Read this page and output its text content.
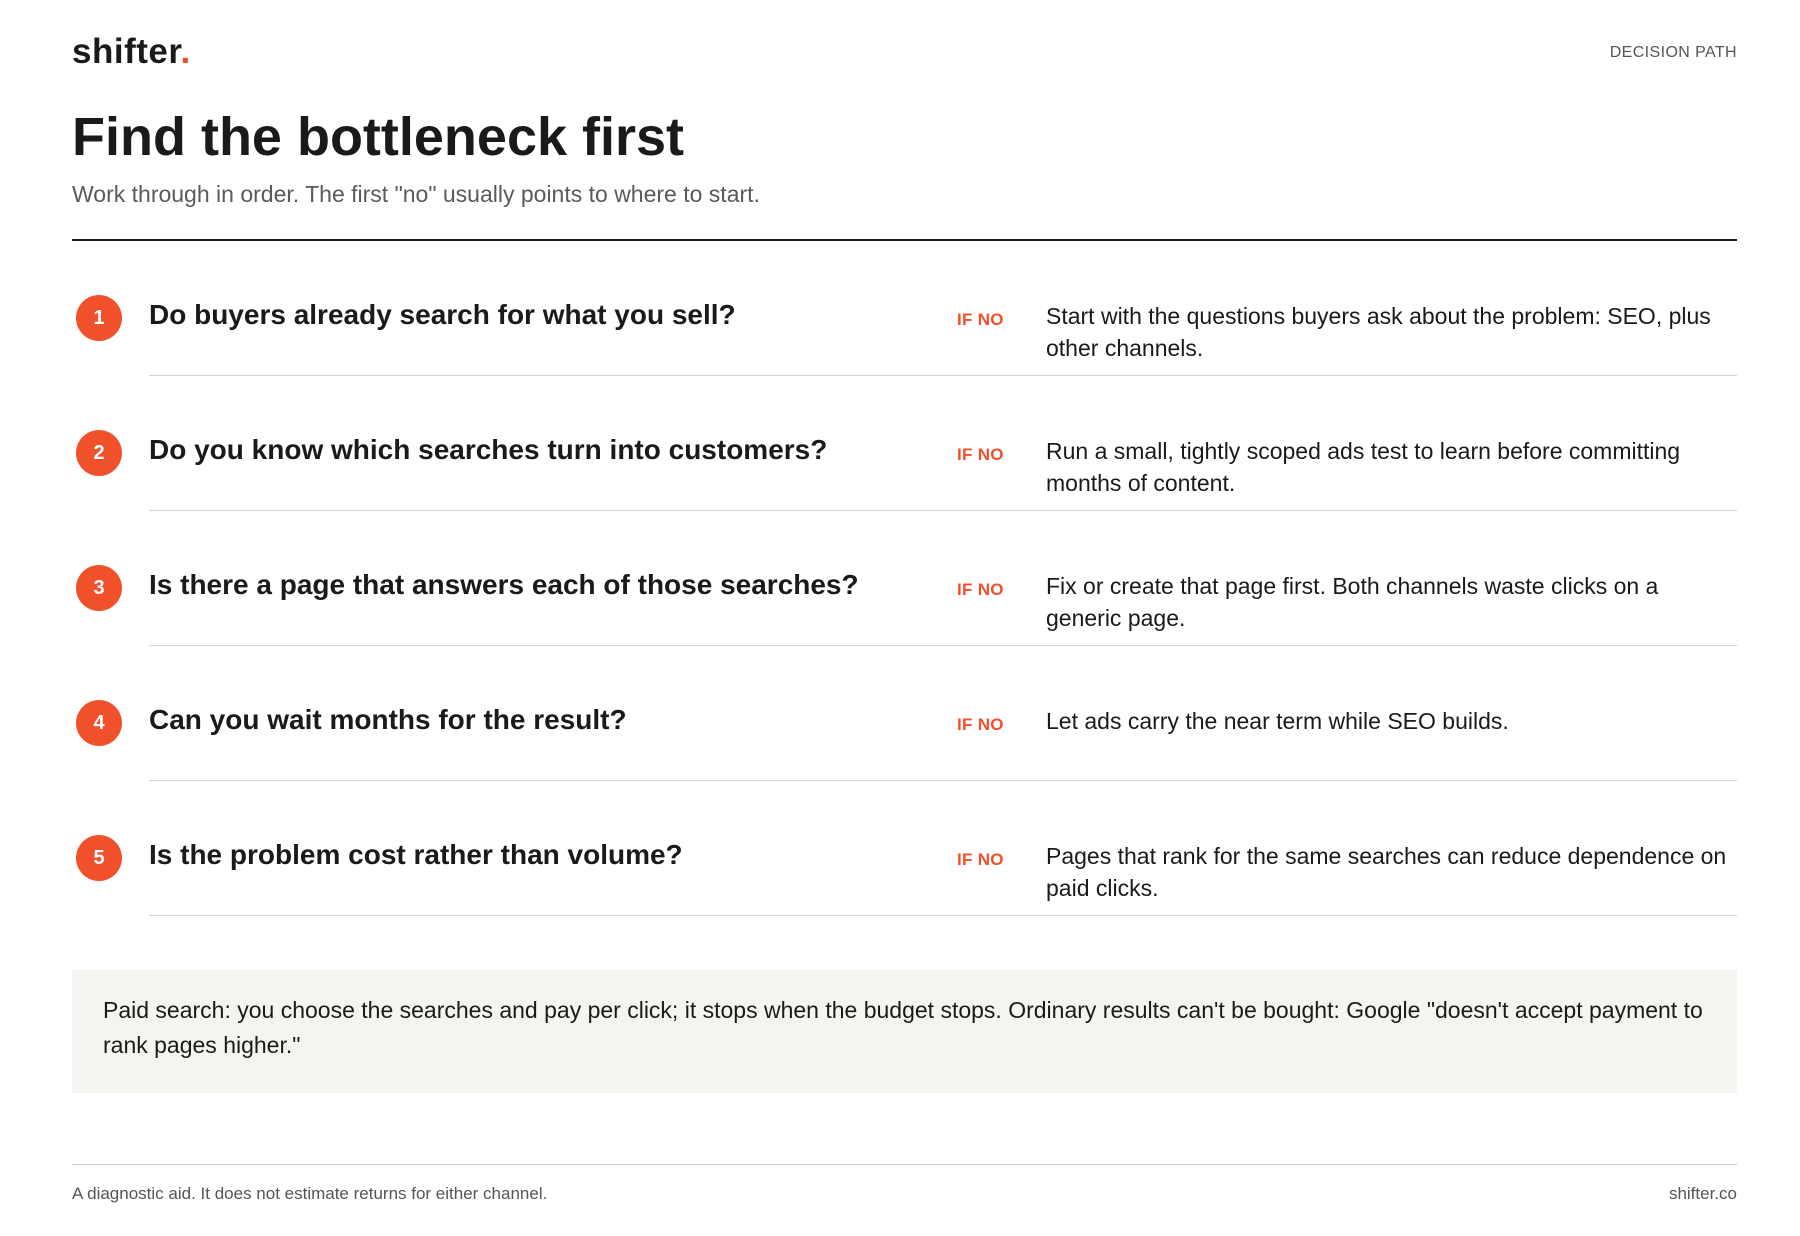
shifter.	DECISION PATH
Find the bottleneck first
Work through in order. The first "no" usually points to where to start.
1	Do buyers already search for what you sell?	IF NO Start with the questions buyers ask about the problem: SEO, plus other channels.
2	Do you know which searches turn into customers?	IF NO Run a small, tightly scoped ads test to learn before committing months of content.
3	Is there a page that answers each of those searches?	IF NO Fix or create that page first. Both channels waste clicks on a generic page.
4	Can you wait months for the result?	IF NO Let ads carry the near term while SEO builds.
5	Is the problem cost rather than volume?	IF NO Pages that rank for the same searches can reduce dependence on paid clicks.

Paid search: you choose the searches and pay per click; it stops when the budget stops. Ordinary results can't be bought: Google "doesn't accept payment to rank pages higher."

A diagnostic aid. It does not estimate returns for either channel.	shifter.co
